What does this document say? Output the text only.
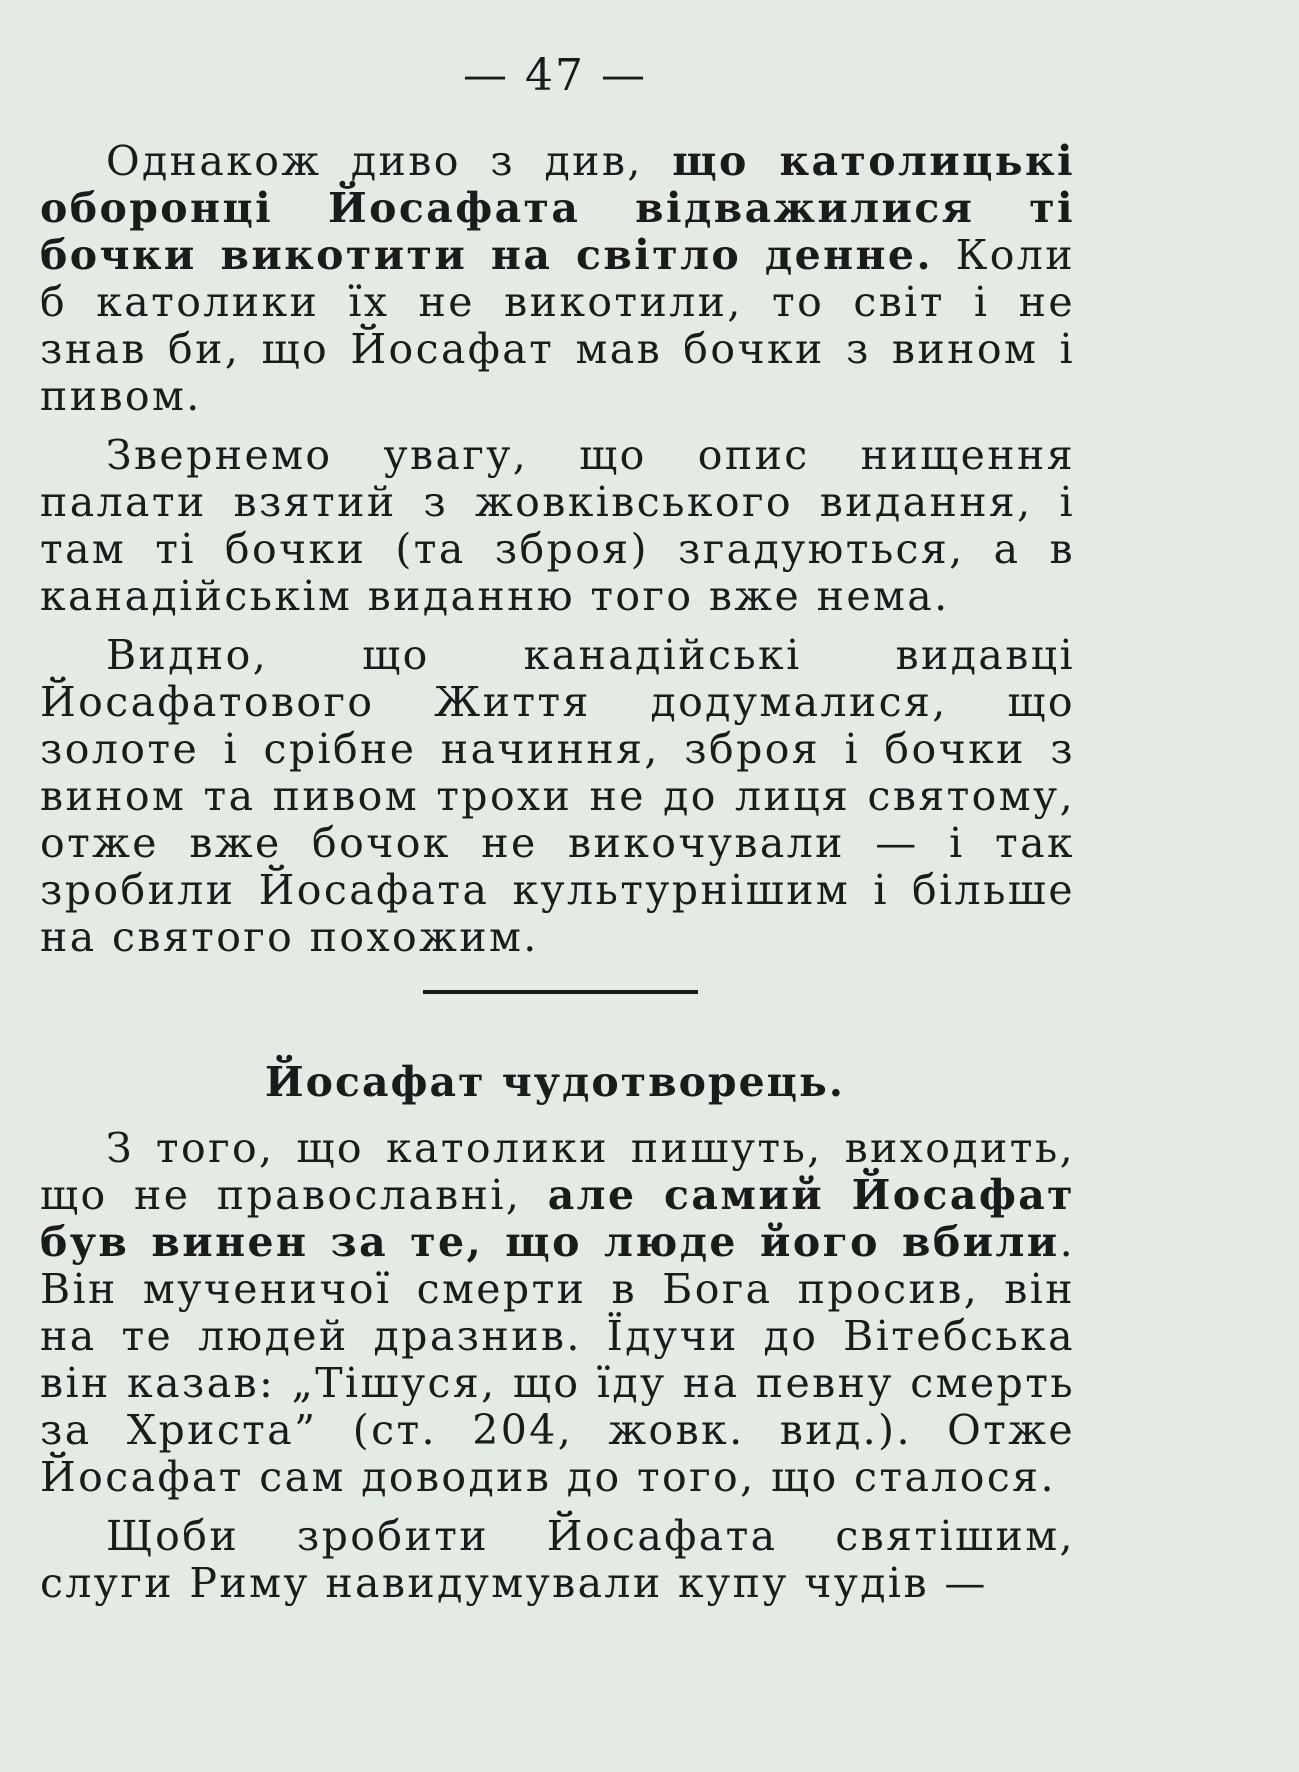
— 47 —

Однакож диво з див, що католицькі оборонці Йосафата відважилися ті бочки викотити на світло денне. Коли б католики їх не викотили, то світ і не знав би, що Йосафат мав бочки з вином і пивом.

Звернемо увагу, що опис нищення палати взятий з жовківського видання, і там ті бочки (та зброя) згадуються, а в канадійськім виданню того вже нема.

Видно, що канадійські видавці Йосафатового Життя додумалися, що золоте і срібне начиння, зброя і бочки з вином та пивом трохи не до лиця святому, отже вже бочок не викочували — і так зробили Йосафата культурнішим і більше на святого похожим.

Йосафат чудотворець.

З того, що католики пишуть, виходить, що не православні, але самий Йосафат був винен за те, що люде його вбили. Він мученичої смерти в Бога просив, він на те людей дразнив. Їдучи до Вітебська він казав: „Тішуся, що їду на певну смерть за Христа” (ст. 204, жовк. вид.). Отже Йосафат сам доводив до того, що сталося.

Щоби зробити Йосафата святішим, слуги Риму навидумували купу чудів —
